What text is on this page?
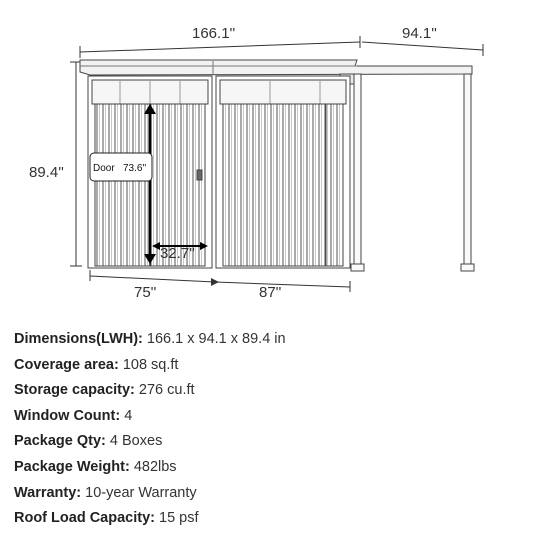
Door 73.6''
166.1''	94.1''
89.4''
32.7''
75''	87''
Dimensions(LWH): 166.1 x 94.1 x 89.4 in
Coverage area: 108 sq.ft
Storage capacity: 276 cu.ft
Window Count: 4
Package Qty: 4 Boxes
Package Weight: 482lbs
Warranty: 10-year Warranty
Roof Load Capacity: 15 psf
